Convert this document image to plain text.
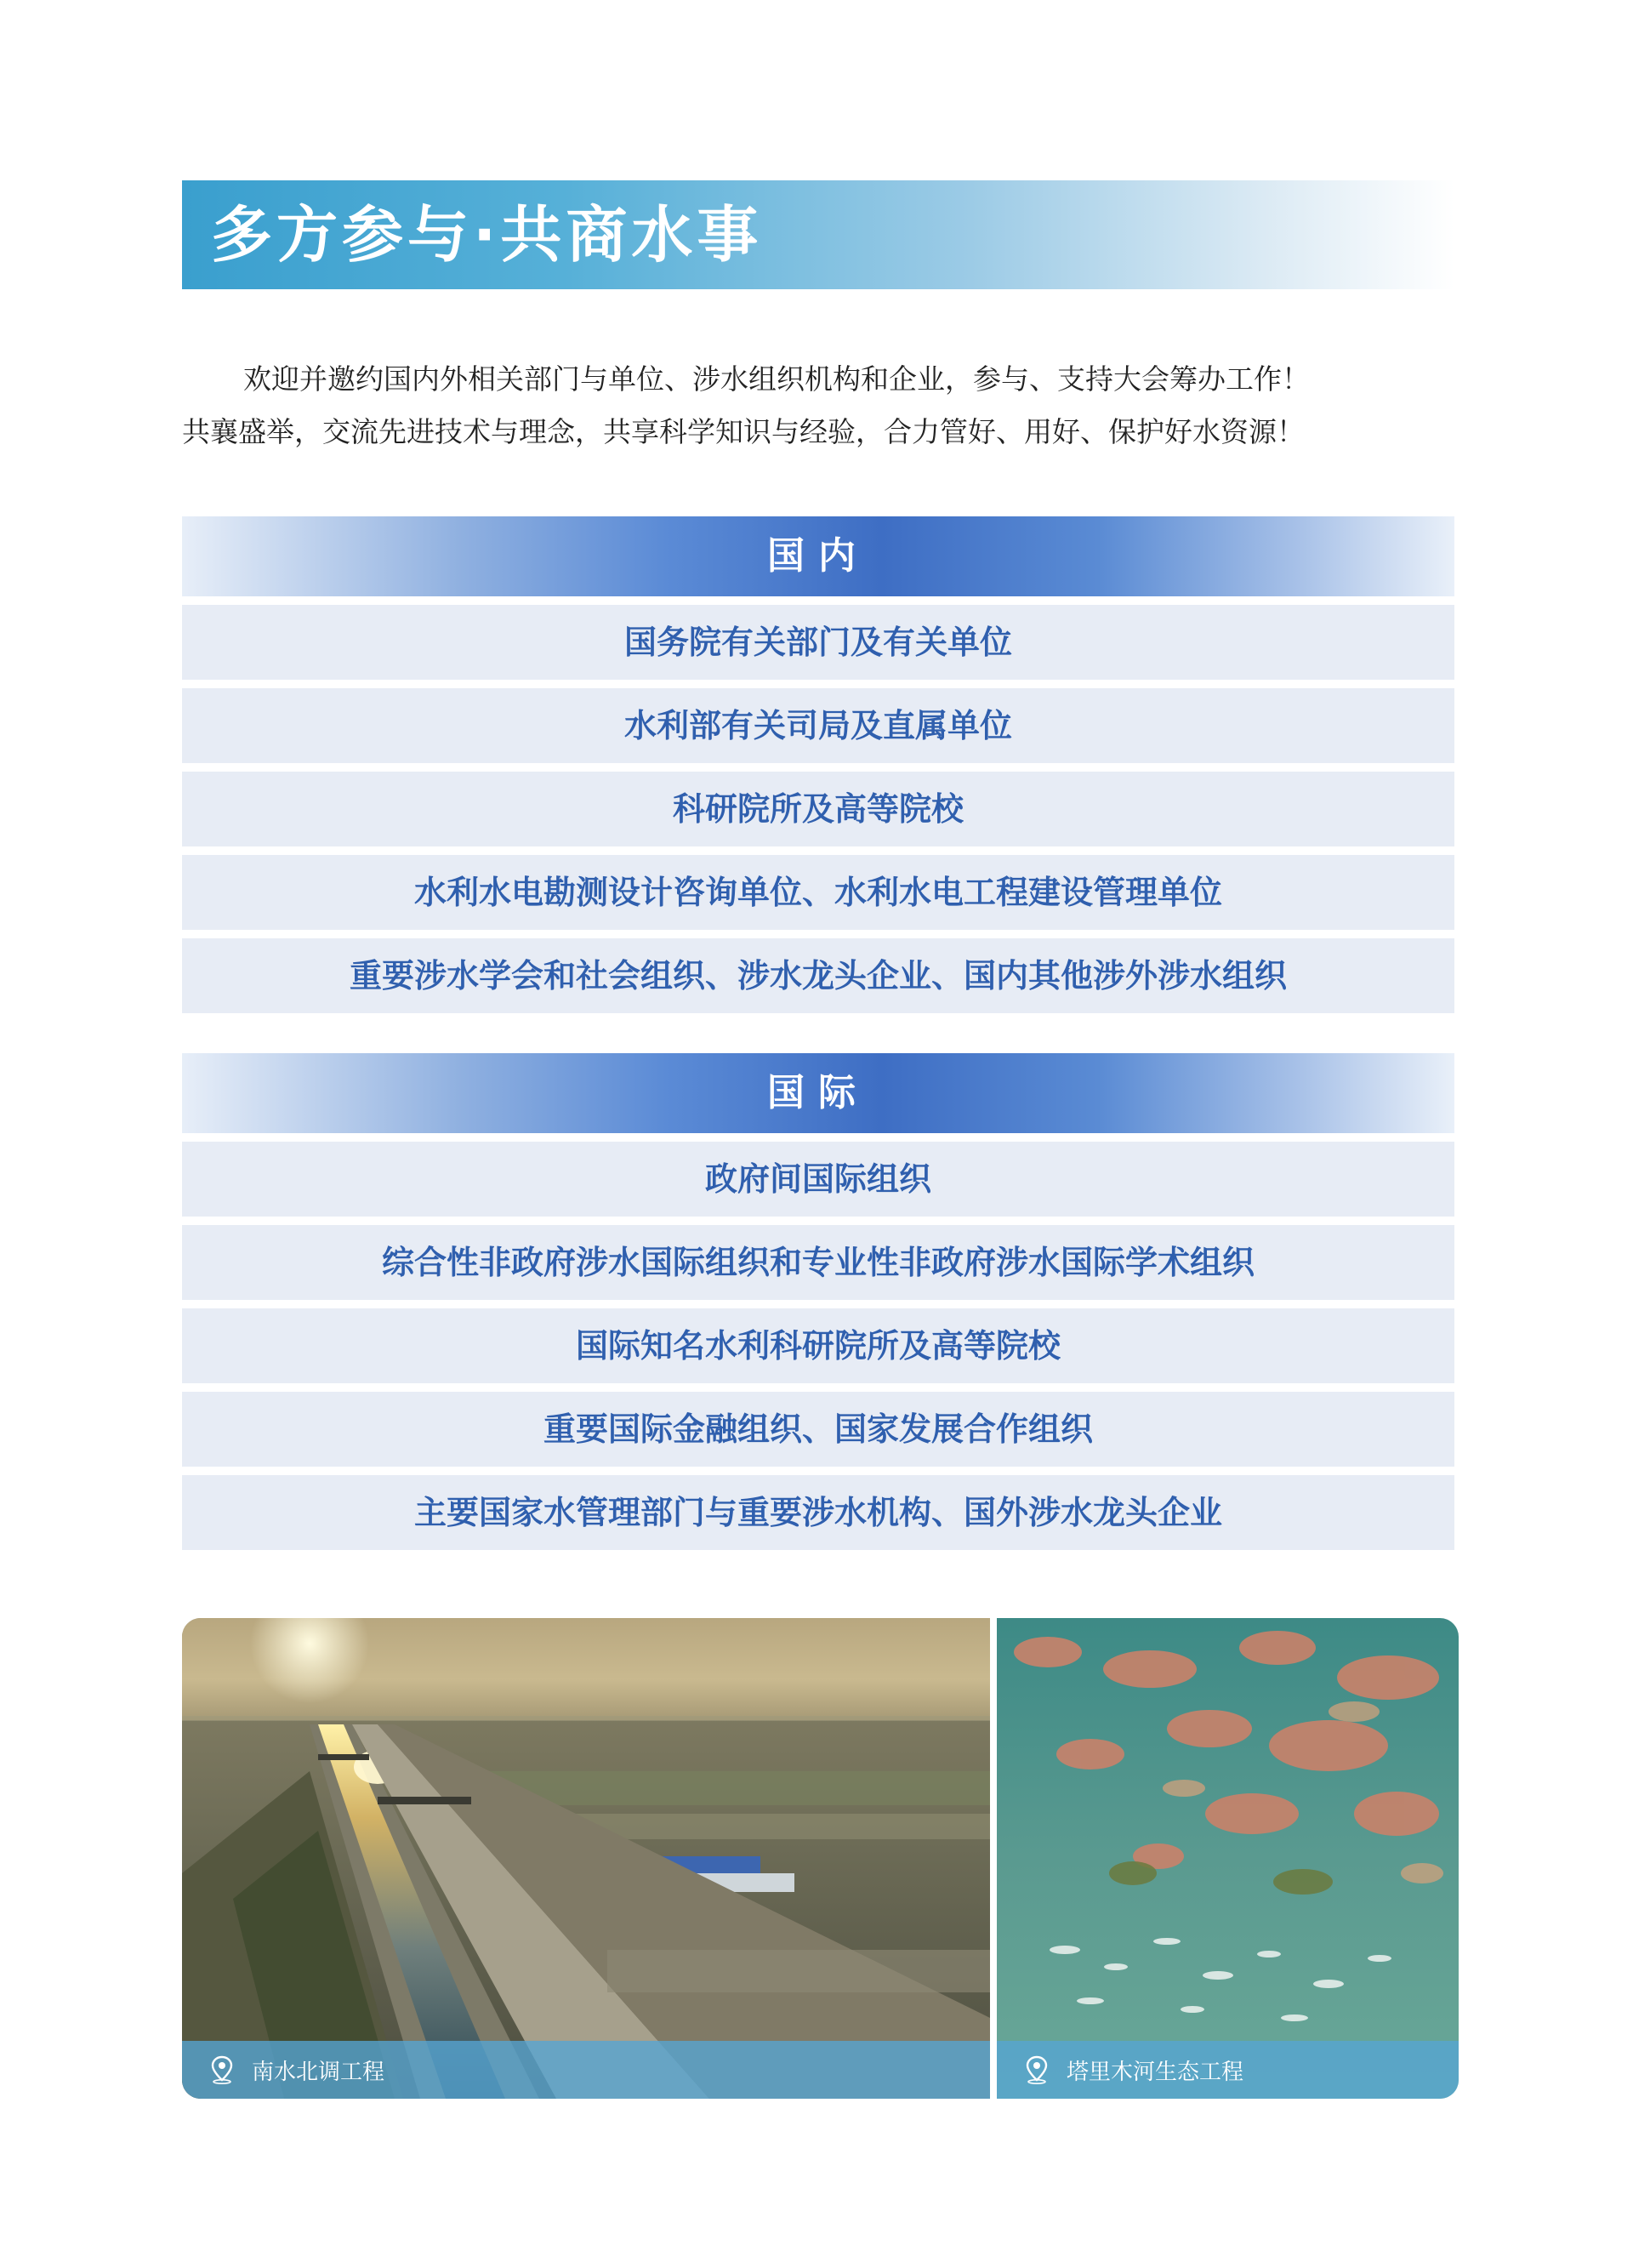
多方参与·共商水事

欢迎并邀约国内外相关部门与单位、涉水组织机构和企业，参与、支持大会筹办工作！

共襄盛举，交流先进技术与理念，共享科学知识与经验，合力管好、用好、保护好水资源！

国内
国务院有关部门及有关单位
水利部有关司局及直属单位
科研院所及高等院校
水利水电勘测设计咨询单位、水利水电工程建设管理单位
重要涉水学会和社会组织、涉水龙头企业、国内其他涉外涉水组织
国际
政府间国际组织
综合性非政府涉水国际组织和专业性非政府涉水国际学术组织
国际知名水利科研院所及高等院校
重要国际金融组织、国家发展合作组织
主要国家水管理部门与重要涉水机构、国外涉水龙头企业
南水北调工程	塔里木河生态工程
